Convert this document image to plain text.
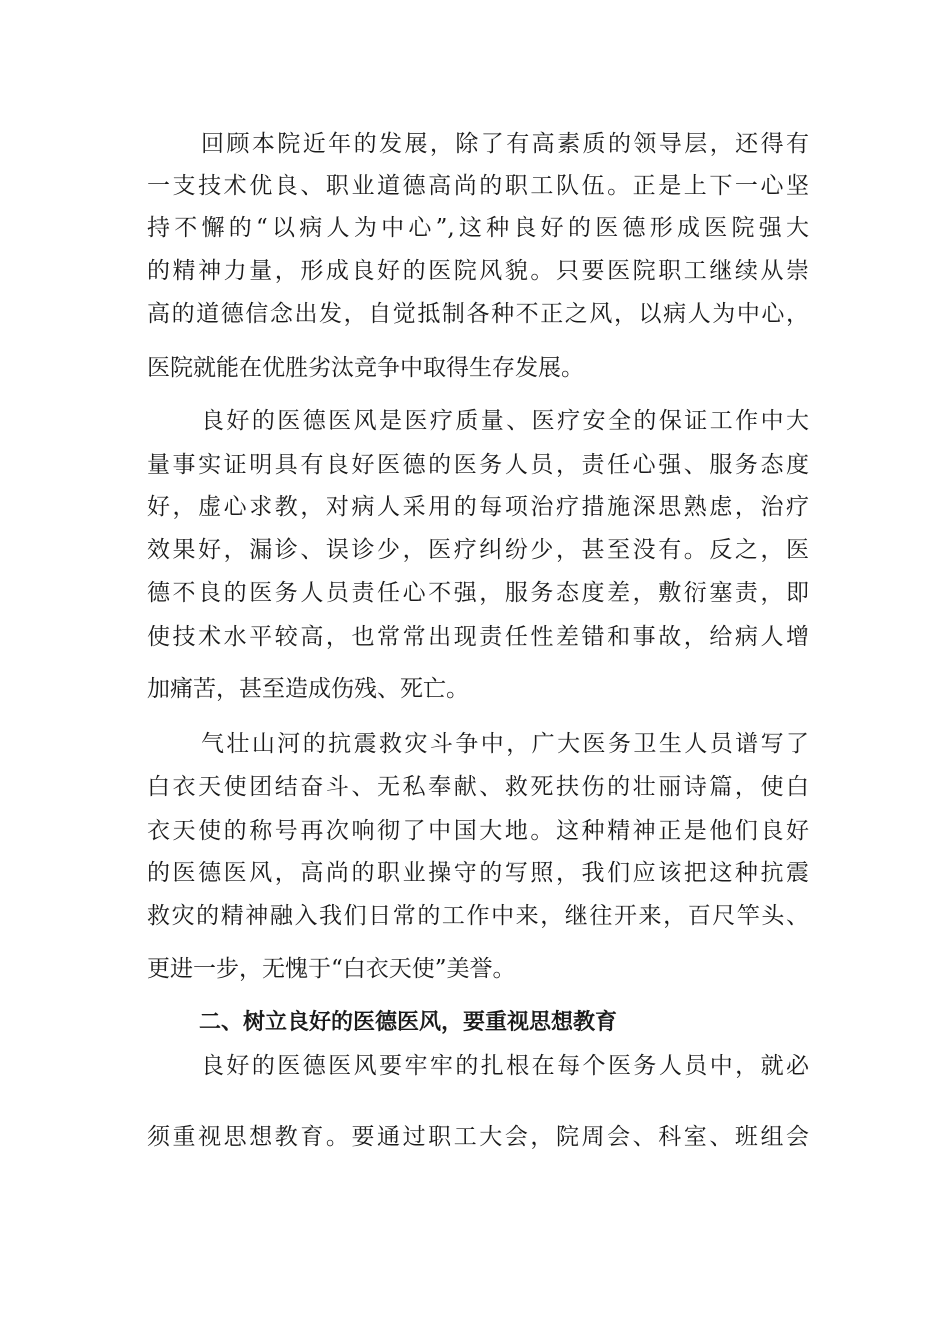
回顾本院近年的发展，除了有高素质的领导层，还得有
一支技术优良、职业道德高尚的职工队伍。正是上下一心坚
持不懈的“以病人为中心”,这种良好的医德形成医院强大
的精神力量，形成良好的医院风貌。只要医院职工继续从崇
高的道德信念出发，自觉抵制各种不正之风，以病人为中心，
医院就能在优胜劣汰竞争中取得生存发展。
良好的医德医风是医疗质量、医疗安全的保证工作中大
量事实证明具有良好医德的医务人员，责任心强、服务态度
好，虚心求教，对病人采用的每项治疗措施深思熟虑，治疗
效果好，漏诊、误诊少，医疗纠纷少，甚至没有。反之，医
德不良的医务人员责任心不强，服务态度差，敷衍塞责，即
使技术水平较高，也常常出现责任性差错和事故，给病人增
加痛苦，甚至造成伤残、死亡。
气壮山河的抗震救灾斗争中，广大医务卫生人员谱写了
白衣天使团结奋斗、无私奉献、救死扶伤的壮丽诗篇，使白
衣天使的称号再次响彻了中国大地。这种精神正是他们良好
的医德医风，高尚的职业操守的写照，我们应该把这种抗震
救灾的精神融入我们日常的工作中来，继往开来，百尺竿头、
更进一步，无愧于“白衣天使”美誉。
二、树立良好的医德医风，要重视思想教育
良好的医德医风要牢牢的扎根在每个医务人员中，就必
须重视思想教育。要通过职工大会，院周会、科室、班组会
